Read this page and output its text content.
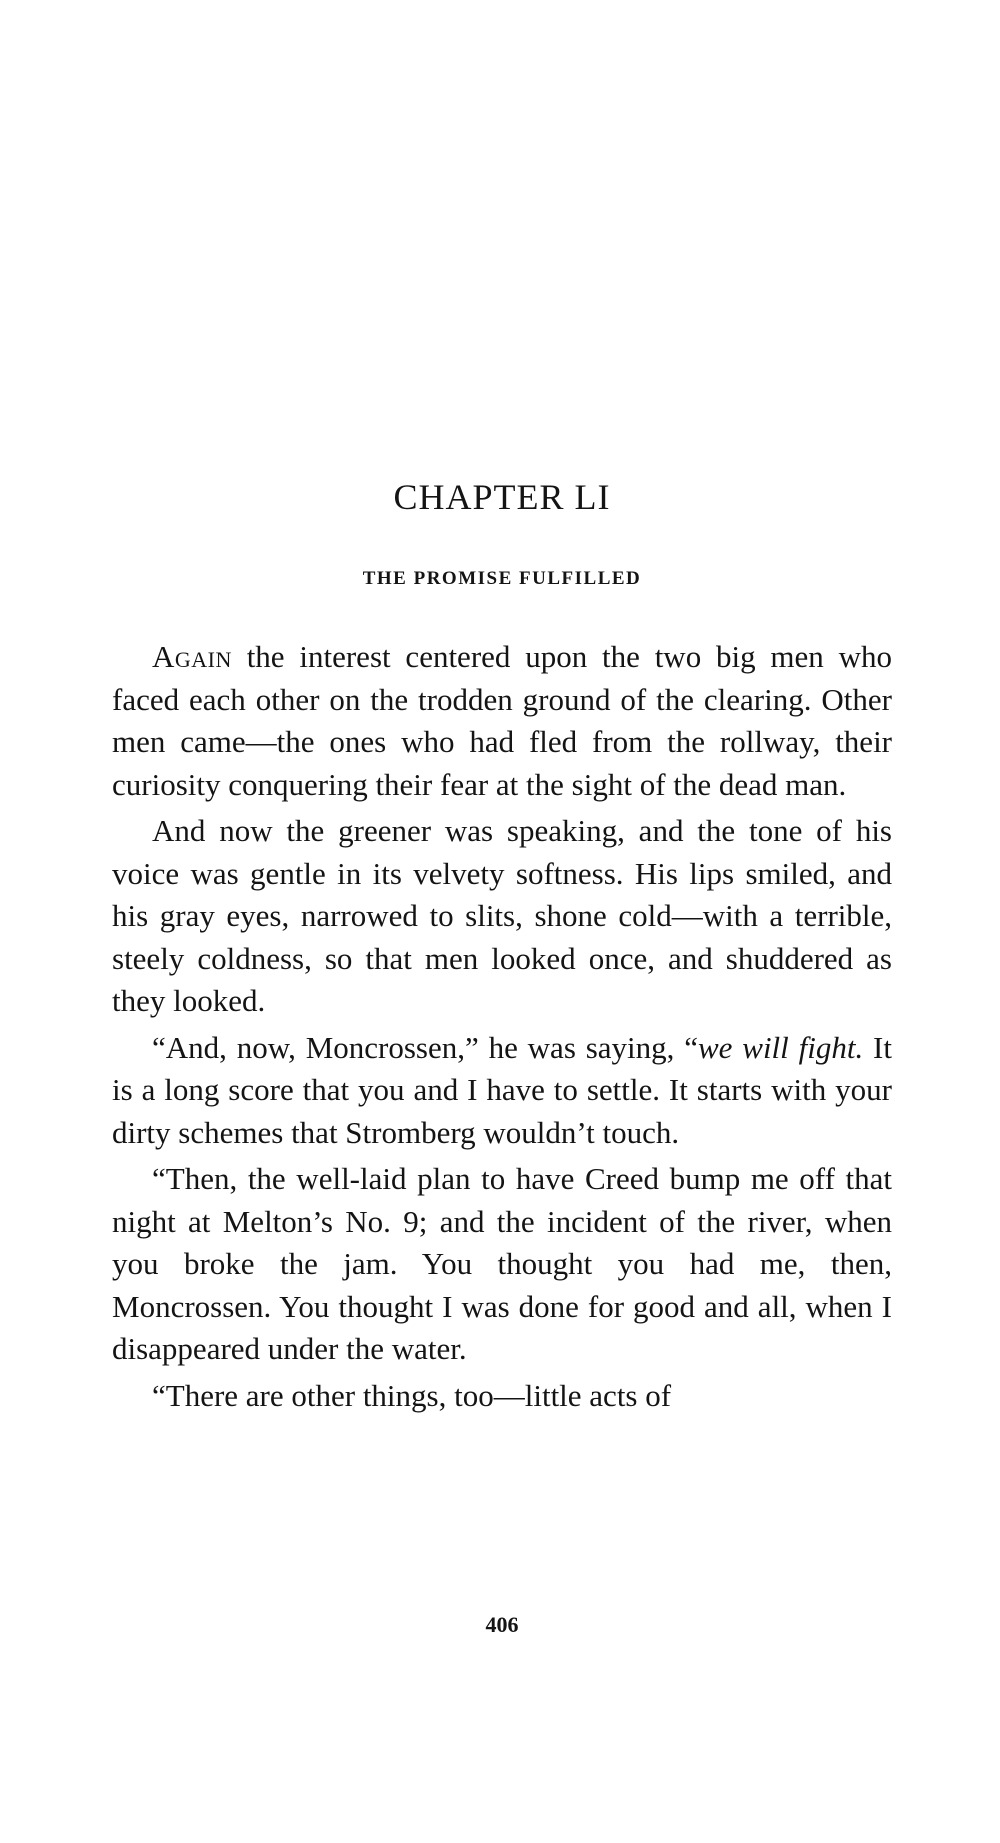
CHAPTER LI
THE PROMISE FULFILLED

Again the interest centered upon the two big men who faced each other on the trodden ground of the clearing. Other men came—the ones who had fled from the rollway, their curiosity conquering their fear at the sight of the dead man.

And now the greener was speaking, and the tone of his voice was gentle in its velvety softness. His lips smiled, and his gray eyes, narrowed to slits, shone cold—with a terrible, steely coldness, so that men looked once, and shuddered as they looked.

“And, now, Moncrossen,” he was saying, “we will fight. It is a long score that you and I have to settle. It starts with your dirty schemes that Stromberg wouldn’t touch.

“Then, the well-laid plan to have Creed bump me off that night at Melton’s No. 9; and the incident of the river, when you broke the jam. You thought you had me, then, Moncrossen. You thought I was done for good and all, when I disappeared under the water.

“There are other things, too—little acts of

406
